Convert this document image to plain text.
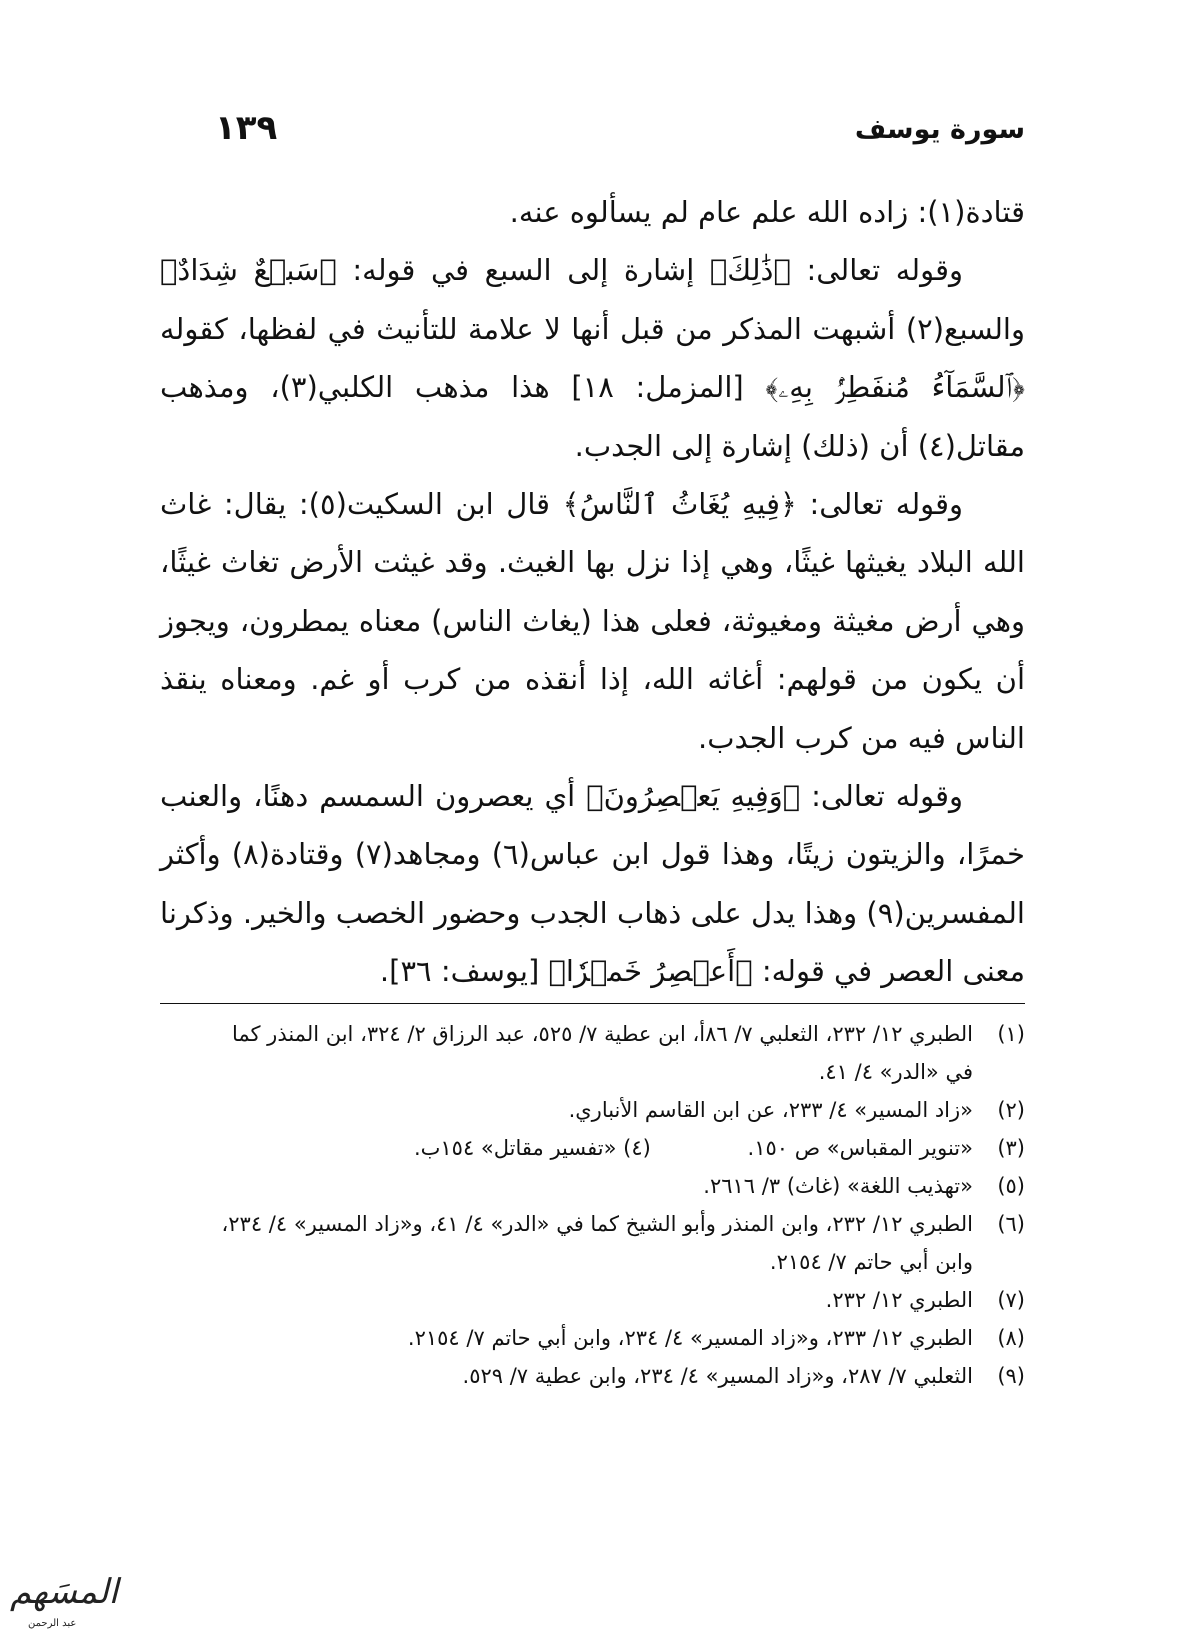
سورة يوسف
١٣٩

قتادة(١): زاده الله علم عام لم يسألوه عنه.

وقوله تعالى: ﴿ذَٰلِكَ﴾ إشارة إلى السبع في قوله: ﴿سَبۡعٌ شِدَادٌ﴾ والسبع(٢) أشبهت المذكر من قبل أنها لا علامة للتأنيث في لفظها، كقوله ﴿ٱلسَّمَآءُ مُنفَطِرُۢ بِهِۦ﴾ [المزمل: ١٨] هذا مذهب الكلبي(٣)، ومذهب مقاتل(٤) أن (ذلك) إشارة إلى الجدب.

وقوله تعالى: ﴿فِيهِ يُغَاثُ ٱلنَّاسُ﴾ قال ابن السكيت(٥): يقال: غاث الله البلاد يغيثها غيثًا، وهي إذا نزل بها الغيث. وقد غيثت الأرض تغاث غيثًا، وهي أرض مغيثة ومغيوثة، فعلى هذا (يغاث الناس) معناه يمطرون، ويجوز أن يكون من قولهم: أغاثه الله، إذا أنقذه من كرب أو غم. ومعناه ينقذ الناس فيه من كرب الجدب.

وقوله تعالى: ﴿وَفِيهِ يَعۡصِرُونَ﴾ أي يعصرون السمسم دهنًا، والعنب خمرًا، والزيتون زيتًا، وهذا قول ابن عباس(٦) ومجاهد(٧) وقتادة(٨) وأكثر المفسرين(٩) وهذا يدل على ذهاب الجدب وحضور الخصب والخير. وذكرنا معنى العصر في قوله: ﴿أَعۡصِرُ خَمۡرٗا﴾ [يوسف: ٣٦].

(١)
الطبري ١٢/ ٢٣٢، الثعلبي ٧/ ٨٦أ، ابن عطية ٧/ ٥٢٥، عبد الرزاق ٢/ ٣٢٤، ابن المنذر كما في «الدر» ٤/ ٤١.
(٢)
«زاد المسير» ٤/ ٢٣٣، عن ابن القاسم الأنباري.
(٣)
«تنوير المقباس» ص ١٥٠. (٤) «تفسير مقاتل» ١٥٤ب.
(٥)
«تهذيب اللغة» (غاث) ٣/ ٢٦١٦.
(٦)
الطبري ١٢/ ٢٣٢، وابن المنذر وأبو الشيخ كما في «الدر» ٤/ ٤١، و«زاد المسير» ٤/ ٢٣٤، وابن أبي حاتم ٧/ ٢١٥٤.
(٧)
الطبري ١٢/ ٢٣٢.
(٨)
الطبري ١٢/ ٢٣٣، و«زاد المسير» ٤/ ٢٣٤، وابن أبي حاتم ٧/ ٢١٥٤.
(٩)
الثعلبي ٧/ ٢٨٧، و«زاد المسير» ٤/ ٢٣٤، وابن عطية ٧/ ٥٢٩.
المسَهم
عبد الرحمن
